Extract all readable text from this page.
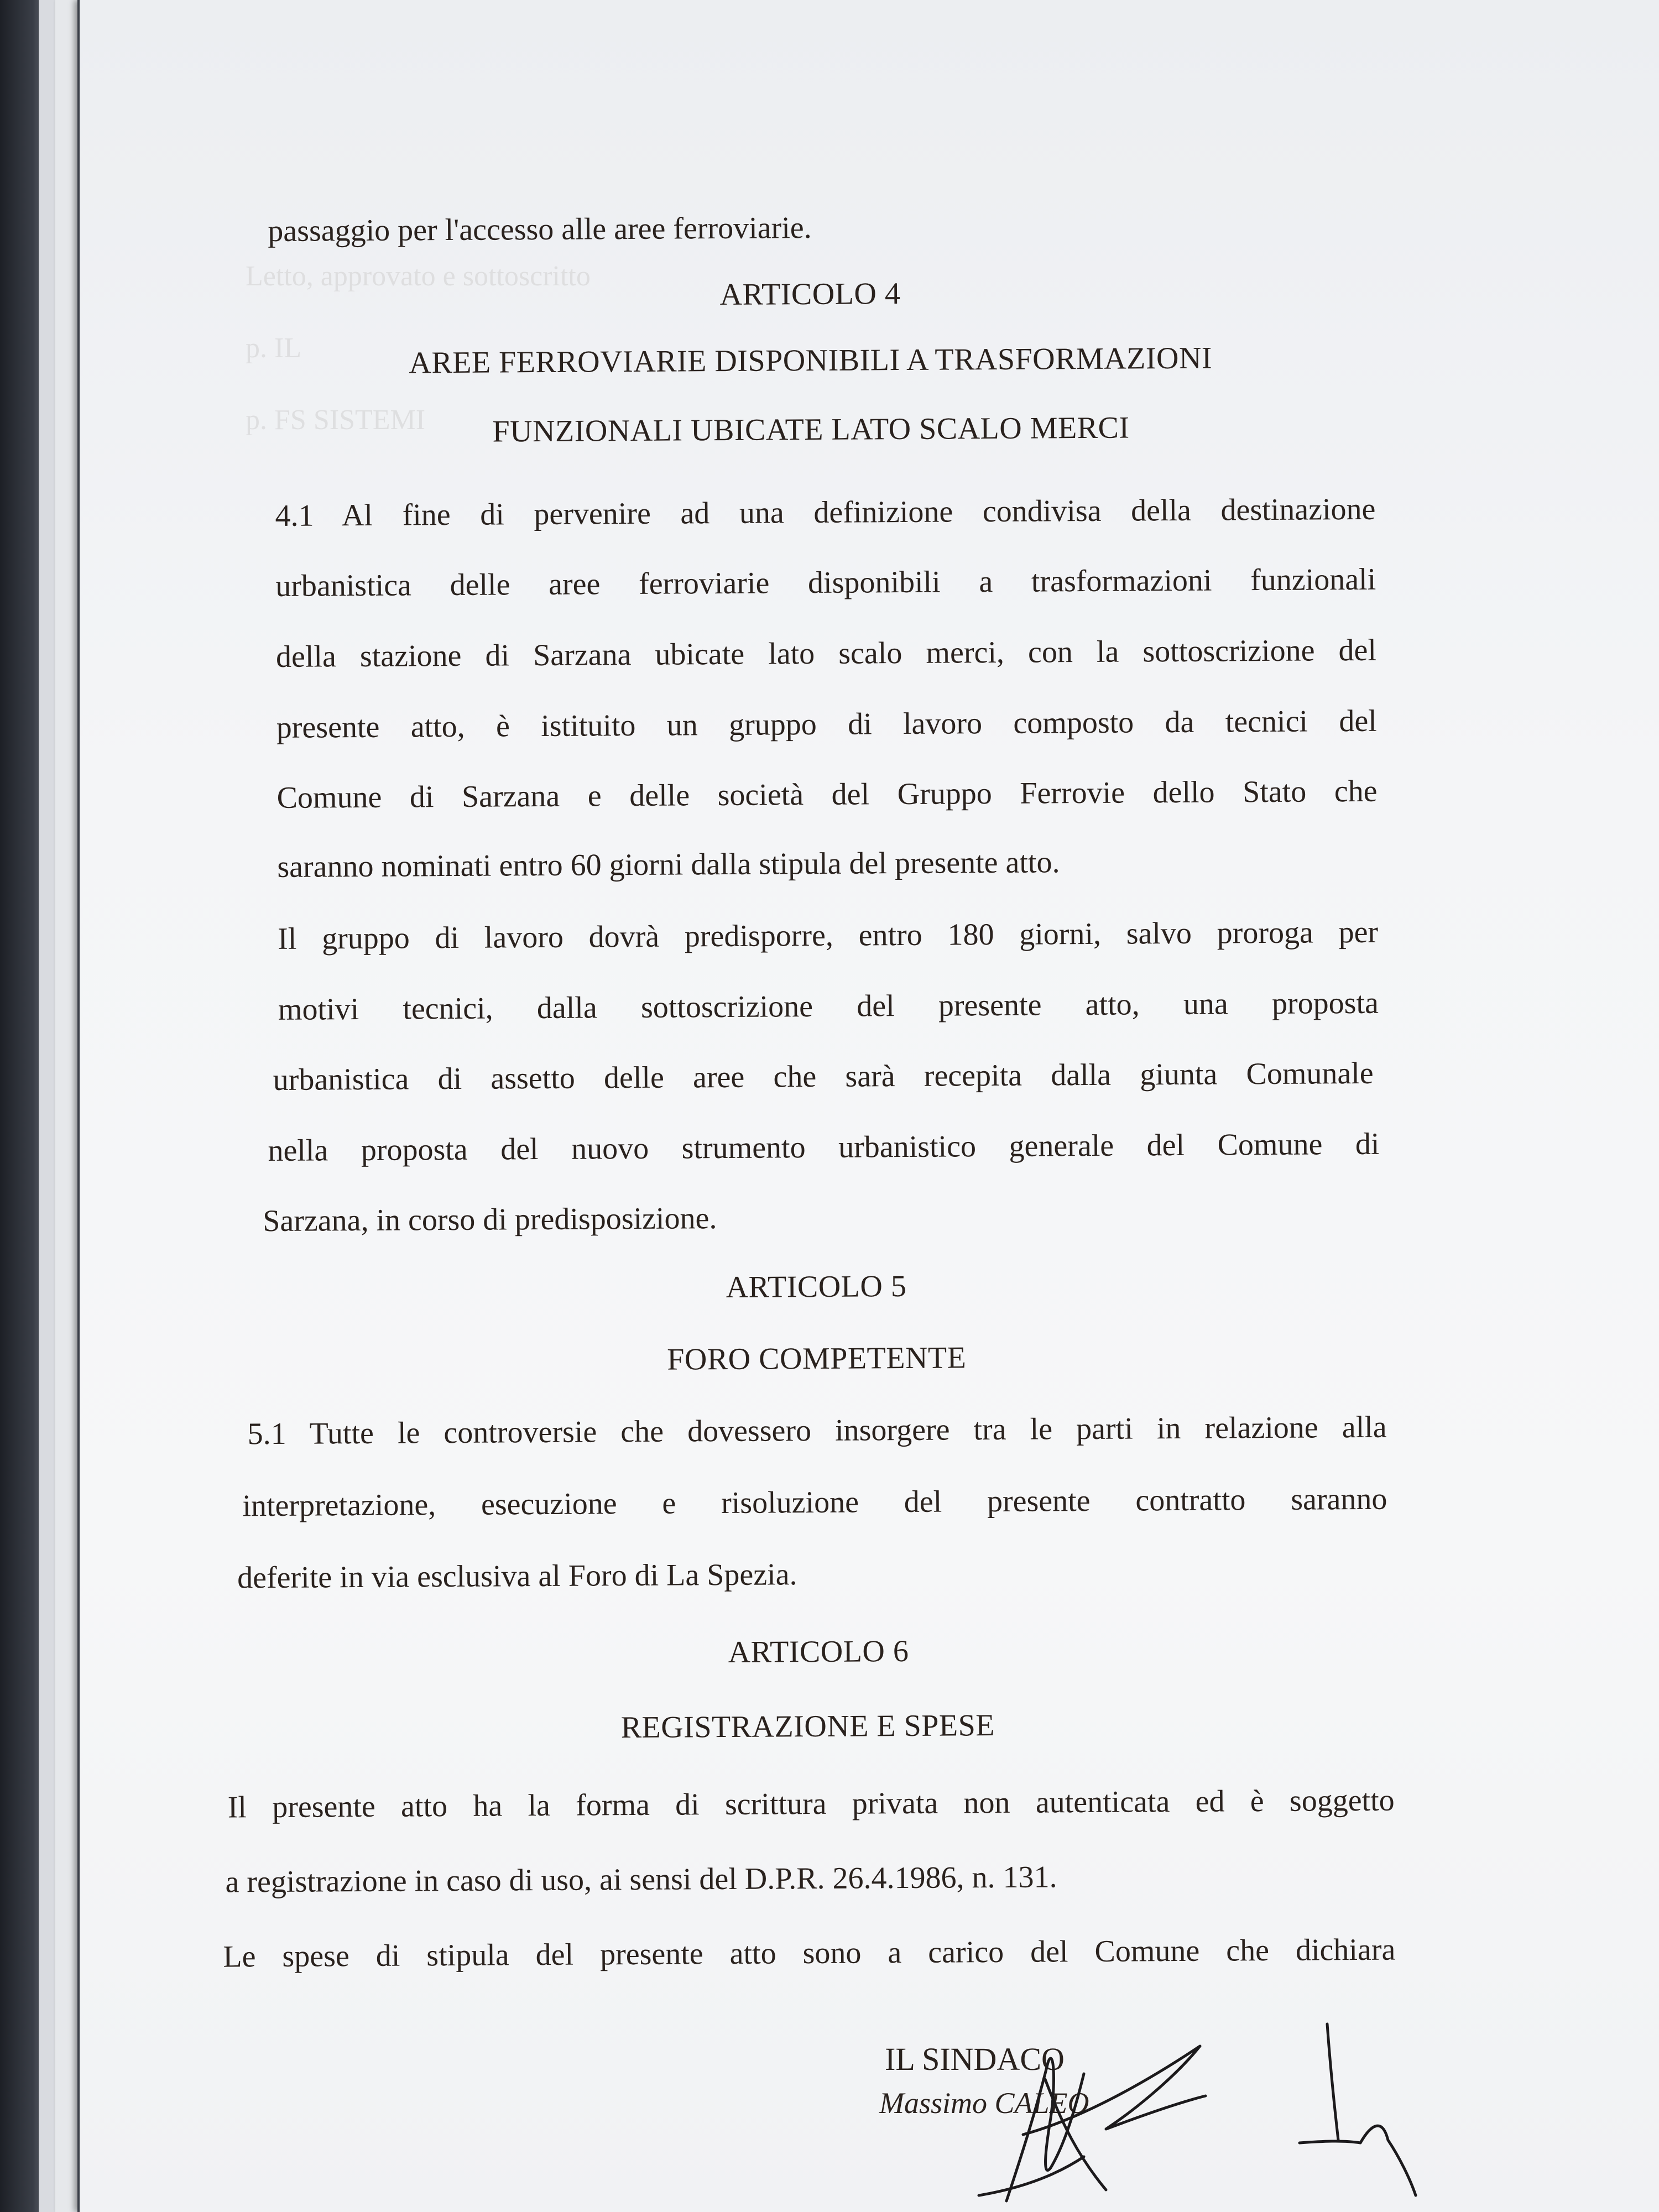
Letto, approvato e sottoscritto
p. IL
p. FS SISTEMI
passaggio per l'accesso alle aree ferroviarie.
ARTICOLO 4
AREE FERROVIARIE DISPONIBILI A TRASFORMAZIONI
FUNZIONALI UBICATE LATO SCALO MERCI
4.1 Al fine di pervenire ad una definizione condivisa della destinazione
urbanistica delle aree ferroviarie disponibili a trasformazioni funzionali
della stazione di Sarzana ubicate lato scalo merci, con la sottoscrizione del
presente atto, è istituito un gruppo di lavoro composto da tecnici del
Comune di Sarzana e delle società del Gruppo Ferrovie dello Stato che
saranno nominati entro 60 giorni dalla stipula del presente atto.
Il gruppo di lavoro dovrà predisporre, entro 180 giorni, salvo proroga per
motivi tecnici, dalla sottoscrizione del presente atto, una proposta
urbanistica di assetto delle aree che sarà recepita dalla giunta Comunale
nella proposta del nuovo strumento urbanistico generale del Comune di
Sarzana, in corso di predisposizione.
ARTICOLO 5
FORO COMPETENTE
5.1 Tutte le controversie che dovessero insorgere tra le parti in relazione alla
interpretazione, esecuzione e risoluzione del presente contratto saranno
deferite in via esclusiva al Foro di La Spezia.
ARTICOLO 6
REGISTRAZIONE E SPESE
Il presente atto ha la forma di scrittura privata non autenticata ed è soggetto
a registrazione in caso di uso, ai sensi del D.P.R. 26.4.1986, n. 131.
Le spese di stipula del presente atto sono a carico del Comune che dichiara
IL SINDACO
Massimo CALEO
